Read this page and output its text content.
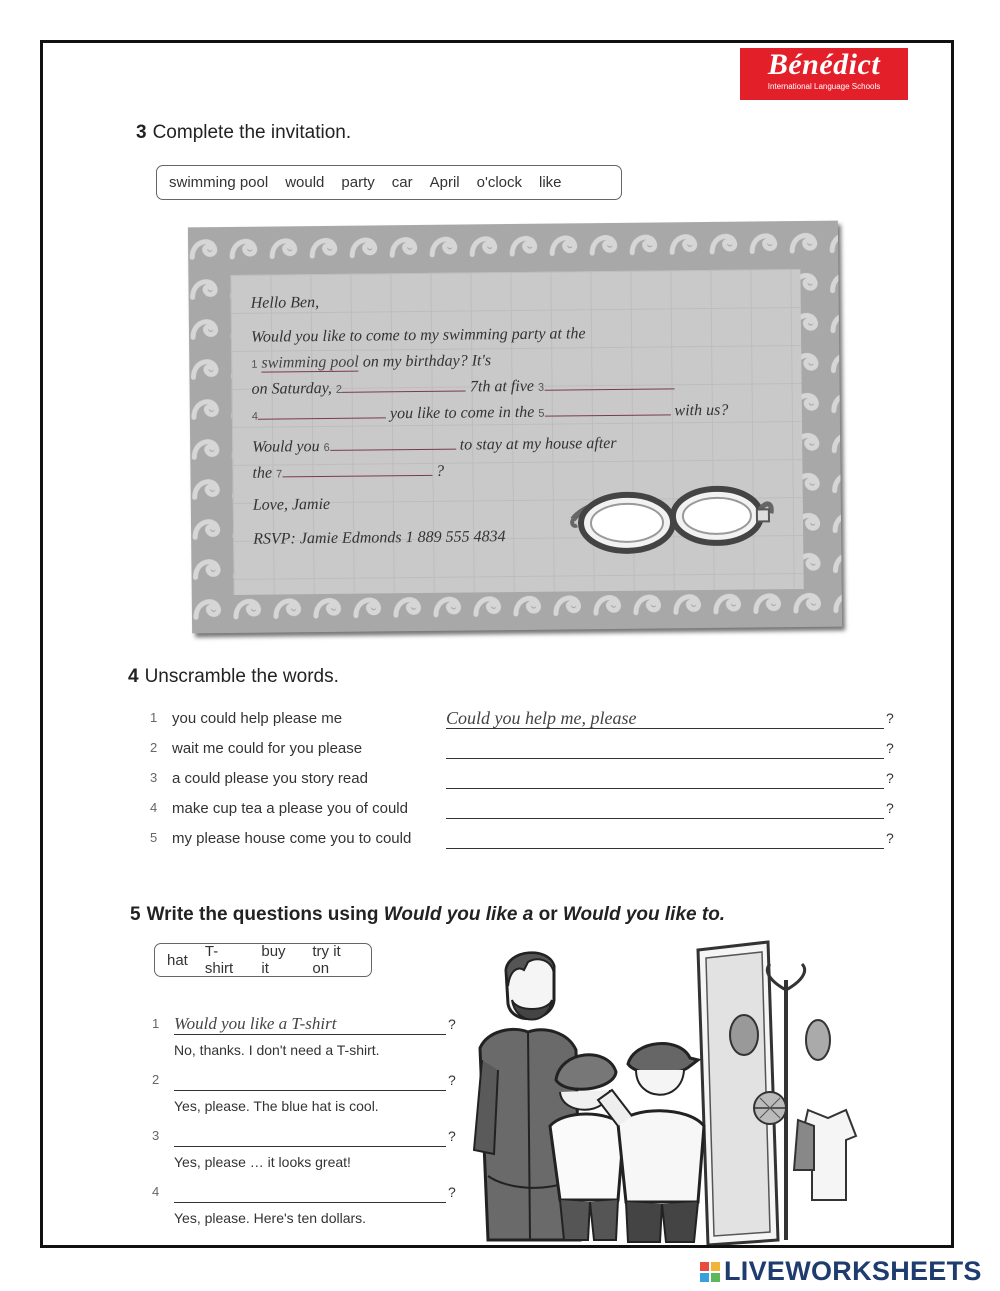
Bénédict
International Language Schools
3 Complete the invitation.
swimming pool would party car April o'clock like
Hello Ben,
Would you like to come to my swimming party at the
1 swimming pool on my birthday? It's
on Saturday, 2	7th at five 3
4	you like to come in the 5	with us?
Would you 6	to stay at my house after
the 7	?
Love, Jamie
RSVP: Jamie Edmonds 1 889 555 4834
4 Unscramble the words.
1 you could help please me	Could you help me, please	?
2 wait me could for you please	?
3 a could please you story read	?
4 make cup tea a please you of could	?
5 my please house come you to could	?
5 Write the questions using Would you like a or Would you like to.
hat T-shirt
buy it
try it on
1 Would you like a T-shirt	?
No, thanks. I don't need a T-shirt.
2	?
Yes, please. The blue hat is cool.
3	?
Yes, please … it looks great!
4	?
Yes, please. Here's ten dollars.
LIVEWORKSHEETS
